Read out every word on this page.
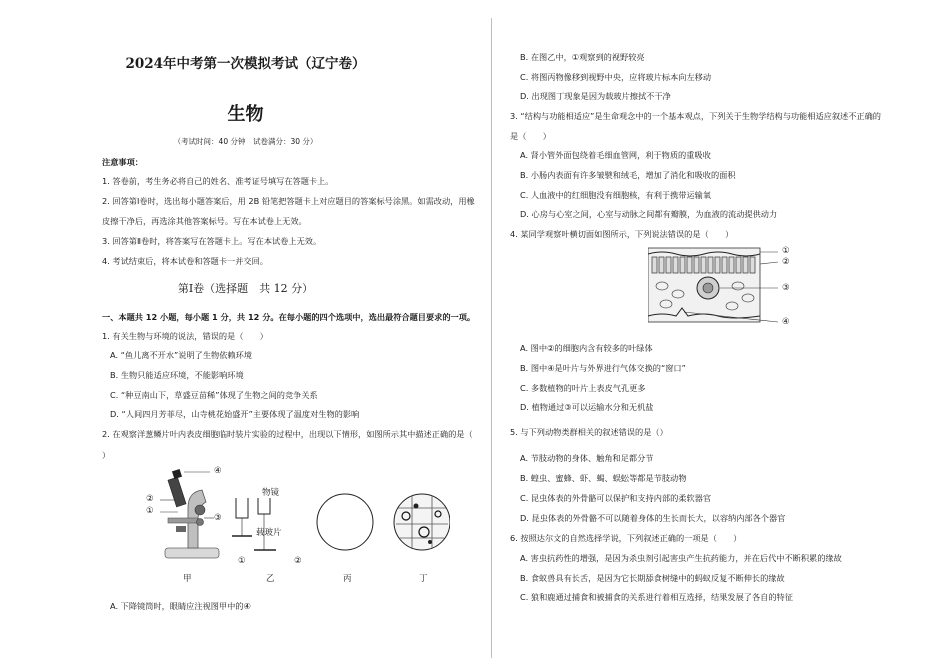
2024年中考第一次模拟考试（辽宁卷）
生物
（考试时间：40 分钟　试卷满分：30 分）
注意事项：
1. 答卷前，考生务必将自己的姓名、准考证号填写在答题卡上。
2. 回答第Ⅰ卷时，选出每小题答案后，用 2B 铅笔把答题卡上对应题目的答案标号涂黑。如需改动，用橡
皮擦干净后，再选涂其他答案标号。写在本试卷上无效。
3. 回答第Ⅱ卷时，将答案写在答题卡上。写在本试卷上无效。
4. 考试结束后，将本试卷和答题卡一并交回。
第Ⅰ卷（选择题　共 12 分）
一、本题共 12 小题，每小题 1 分，共 12 分。在每小题的四个选项中，选出最符合题目要求的一项。
1. 有关生物与环境的说法，错误的是（　　）
A. “鱼儿离不开水”说明了生物依赖环境
B. 生物只能适应环境，不能影响环境
C. “种豆南山下，草盛豆苗稀”体现了生物之间的竞争关系
D. “人间四月芳菲尽，山寺桃花始盛开”主要体现了温度对生物的影响
2. 在观察洋葱鳞片叶内表皮细胞临时装片实验的过程中，出现以下情形，如图所示其中描述正确的是（
）
④
②
①
③
物镜
载玻片
①	②
甲	乙	丙	丁
A. 下降镜筒时，眼睛应注视图甲中的④
B. 在图乙中，①观察到的视野较亮
C. 将图丙物像移到视野中央，应将玻片标本向左移动
D. 出现图丁现象是因为载玻片擦拭不干净
3. “结构与功能相适应”是生命观念中的一个基本观点，下列关于生物学结构与功能相适应叙述不正确的
是（　　）
A. 肾小管外面包绕着毛细血管网，利于物质的重吸收
B. 小肠内表面有许多皱襞和绒毛，增加了消化和吸收的面积
C. 人血液中的红细胞没有细胞核，有利于携带运输氧
D. 心房与心室之间，心室与动脉之间都有瓣膜，为血液的流动提供动力
4. 某同学观察叶横切面如图所示，下列说法错误的是（　　）
①
②
③
④
A. 图中②的细胞内含有较多的叶绿体
B. 图中④是叶片与外界进行气体交换的“窗口”
C. 多数植物的叶片上表皮气孔更多
D. 植物通过③可以运输水分和无机盐
5. 与下列动物类群相关的叙述错误的是（）
A. 节肢动物的身体、触角和足都分节
B. 蝗虫、蜜蜂、虾、蝎、蜈蚣等都是节肢动物
C. 昆虫体表的外骨骼可以保护和支持内部的柔软器官
D. 昆虫体表的外骨骼不可以随着身体的生长而长大，以容纳内部各个器官
6. 按照达尔文的自然选择学说，下列叙述正确的一项是（　　）
A. 害虫抗药性的增强，是因为杀虫剂引起害虫产生抗药能力，并在后代中不断积累的缘故
B. 食蚁兽具有长舌，是因为它长期舔食树缝中的蚂蚁反复不断伸长的缘故
C. 狼和鹿通过捕食和被捕食的关系进行着相互选择，结果发展了各自的特征
